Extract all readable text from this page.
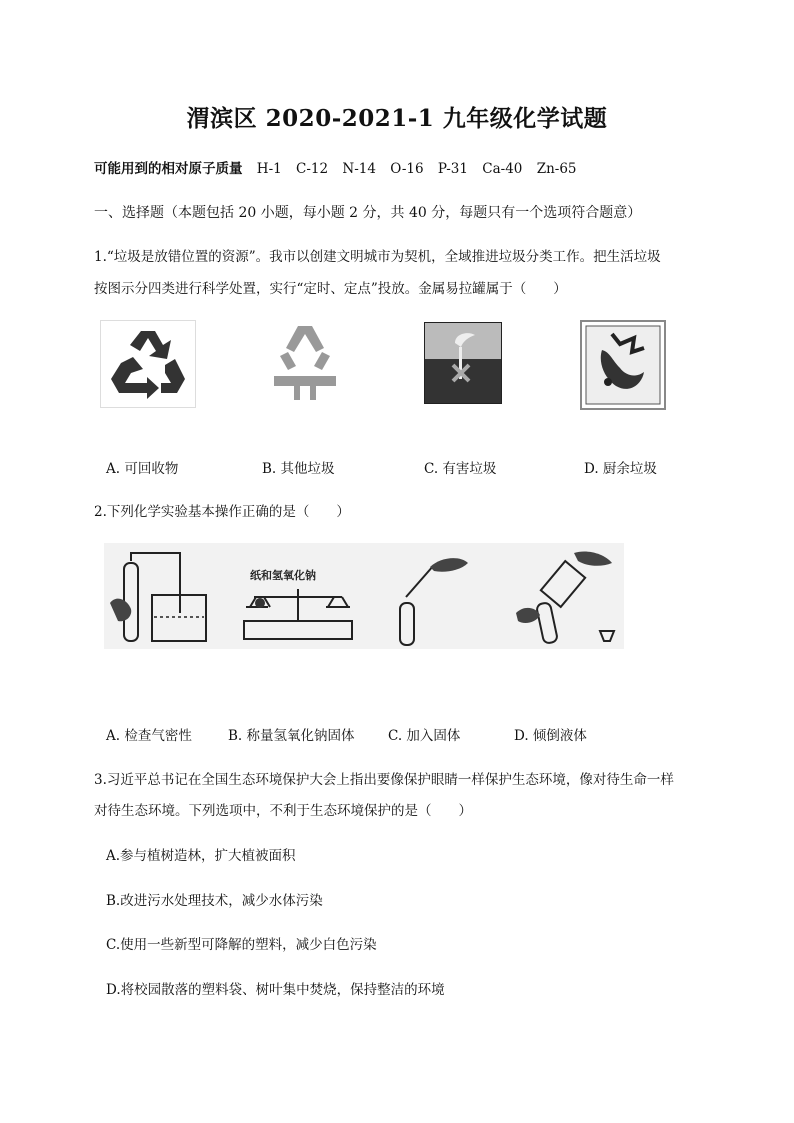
渭滨区 2020-2021-1 九年级化学试题
可能用到的相对原子质量 H-1 C-12 N-14 O-16 P-31 Ca-40 Zn-65
一、选择题（本题包括 20 小题，每小题 2 分，共 40 分，每题只有一个选项符合题意）
1.“垃圾是放错位置的资源”。我市以创建文明城市为契机，全域推进垃圾分类工作。把生活垃圾
按图示分四类进行科学处置，实行“定时、定点”投放。金属易拉罐属于（　　）
A. 可回收物	B. 其他垃圾	C. 有害垃圾	D. 厨余垃圾
2.下列化学实验基本操作正确的是（　　）
纸和氢氧化钠
A. 检查气密性	B. 称量氢氧化钠固体 C. 加入固体	D. 倾倒液体
3.习近平总书记在全国生态环境保护大会上指出要像保护眼睛一样保护生态环境，像对待生命一样
对待生态环境。下列选项中，不利于生态环境保护的是（　　）
A.参与植树造林，扩大植被面积
B.改进污水处理技术，减少水体污染
C.使用一些新型可降解的塑料，减少白色污染
D.将校园散落的塑料袋、树叶集中焚烧，保持整洁的环境
